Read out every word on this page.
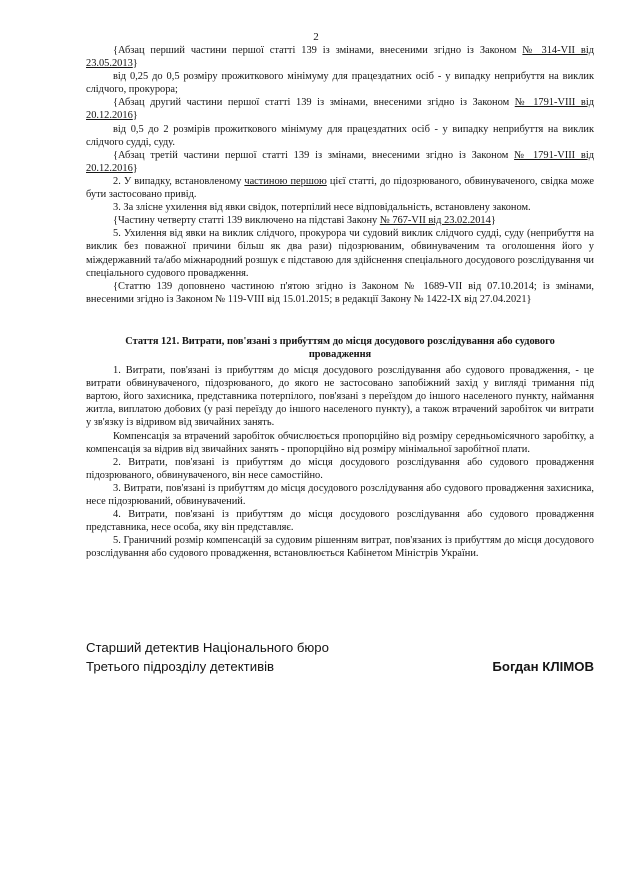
2

{Абзац перший частини першої статті 139 із змінами, внесеними згідно із Законом № 314-VII від 23.05.2013}

від 0,25 до 0,5 розміру прожиткового мінімуму для працездатних осіб - у випадку неприбуття на виклик слідчого, прокурора;

{Абзац другий частини першої статті 139 із змінами, внесеними згідно із Законом № 1791-VIII від 20.12.2016}

від 0,5 до 2 розмірів прожиткового мінімуму для працездатних осіб - у випадку неприбуття на виклик слідчого судді, суду.

{Абзац третій частини першої статті 139 із змінами, внесеними згідно із Законом № 1791-VIII від 20.12.2016}

2. У випадку, встановленому частиною першою цієї статті, до підозрюваного, обвинуваченого, свідка може бути застосовано привід.

3. За злісне ухилення від явки свідок, потерпілий несе відповідальність, встановлену законом.

{Частину четверту статті 139 виключено на підставі Закону № 767-VII від 23.02.2014}

5. Ухилення від явки на виклик слідчого, прокурора чи судовий виклик слідчого судді, суду (неприбуття на виклик без поважної причини більш як два рази) підозрюваним, обвинуваченим та оголошення його у міждержавний та/або міжнародний розшук є підставою для здійснення спеціального досудового розслідування чи спеціального судового провадження.

{Статтю 139 доповнено частиною п'ятою згідно із Законом № 1689-VII від 07.10.2014; із змінами, внесеними згідно із Законом № 119-VIII від 15.01.2015; в редакції Закону № 1422-IX від 27.04.2021}

Стаття 121. Витрати, пов'язані з прибуттям до місця досудового розслідування або судового провадження

1. Витрати, пов'язані із прибуттям до місця досудового розслідування або судового провадження, - це витрати обвинуваченого, підозрюваного, до якого не застосовано запобіжний захід у вигляді тримання під вартою, його захисника, представника потерпілого, пов'язані з переїздом до іншого населеного пункту, наймання житла, виплатою добових (у разі переїзду до іншого населеного пункту), а також втрачений заробіток чи витрати у зв'язку із відривом від звичайних занять.

Компенсація за втрачений заробіток обчислюється пропорційно від розміру середньомісячного заробітку, а компенсація за відрив від звичайних занять - пропорційно від розміру мінімальної заробітної плати.

2. Витрати, пов'язані із прибуттям до місця досудового розслідування або судового провадження підозрюваного, обвинуваченого, він несе самостійно.

3. Витрати, пов'язані із прибуттям до місця досудового розслідування або судового провадження захисника, несе підозрюваний, обвинувачений.

4. Витрати, пов'язані із прибуттям до місця досудового розслідування або судового провадження представника, несе особа, яку він представляє.

5. Граничний розмір компенсацій за судовим рішенням витрат, пов'язаних із прибуттям до місця досудового розслідування або судового провадження, встановлюється Кабінетом Міністрів України.

Старший детектив Національного бюро
Третього підрозділу детективів	Богдан КЛІМОВ
